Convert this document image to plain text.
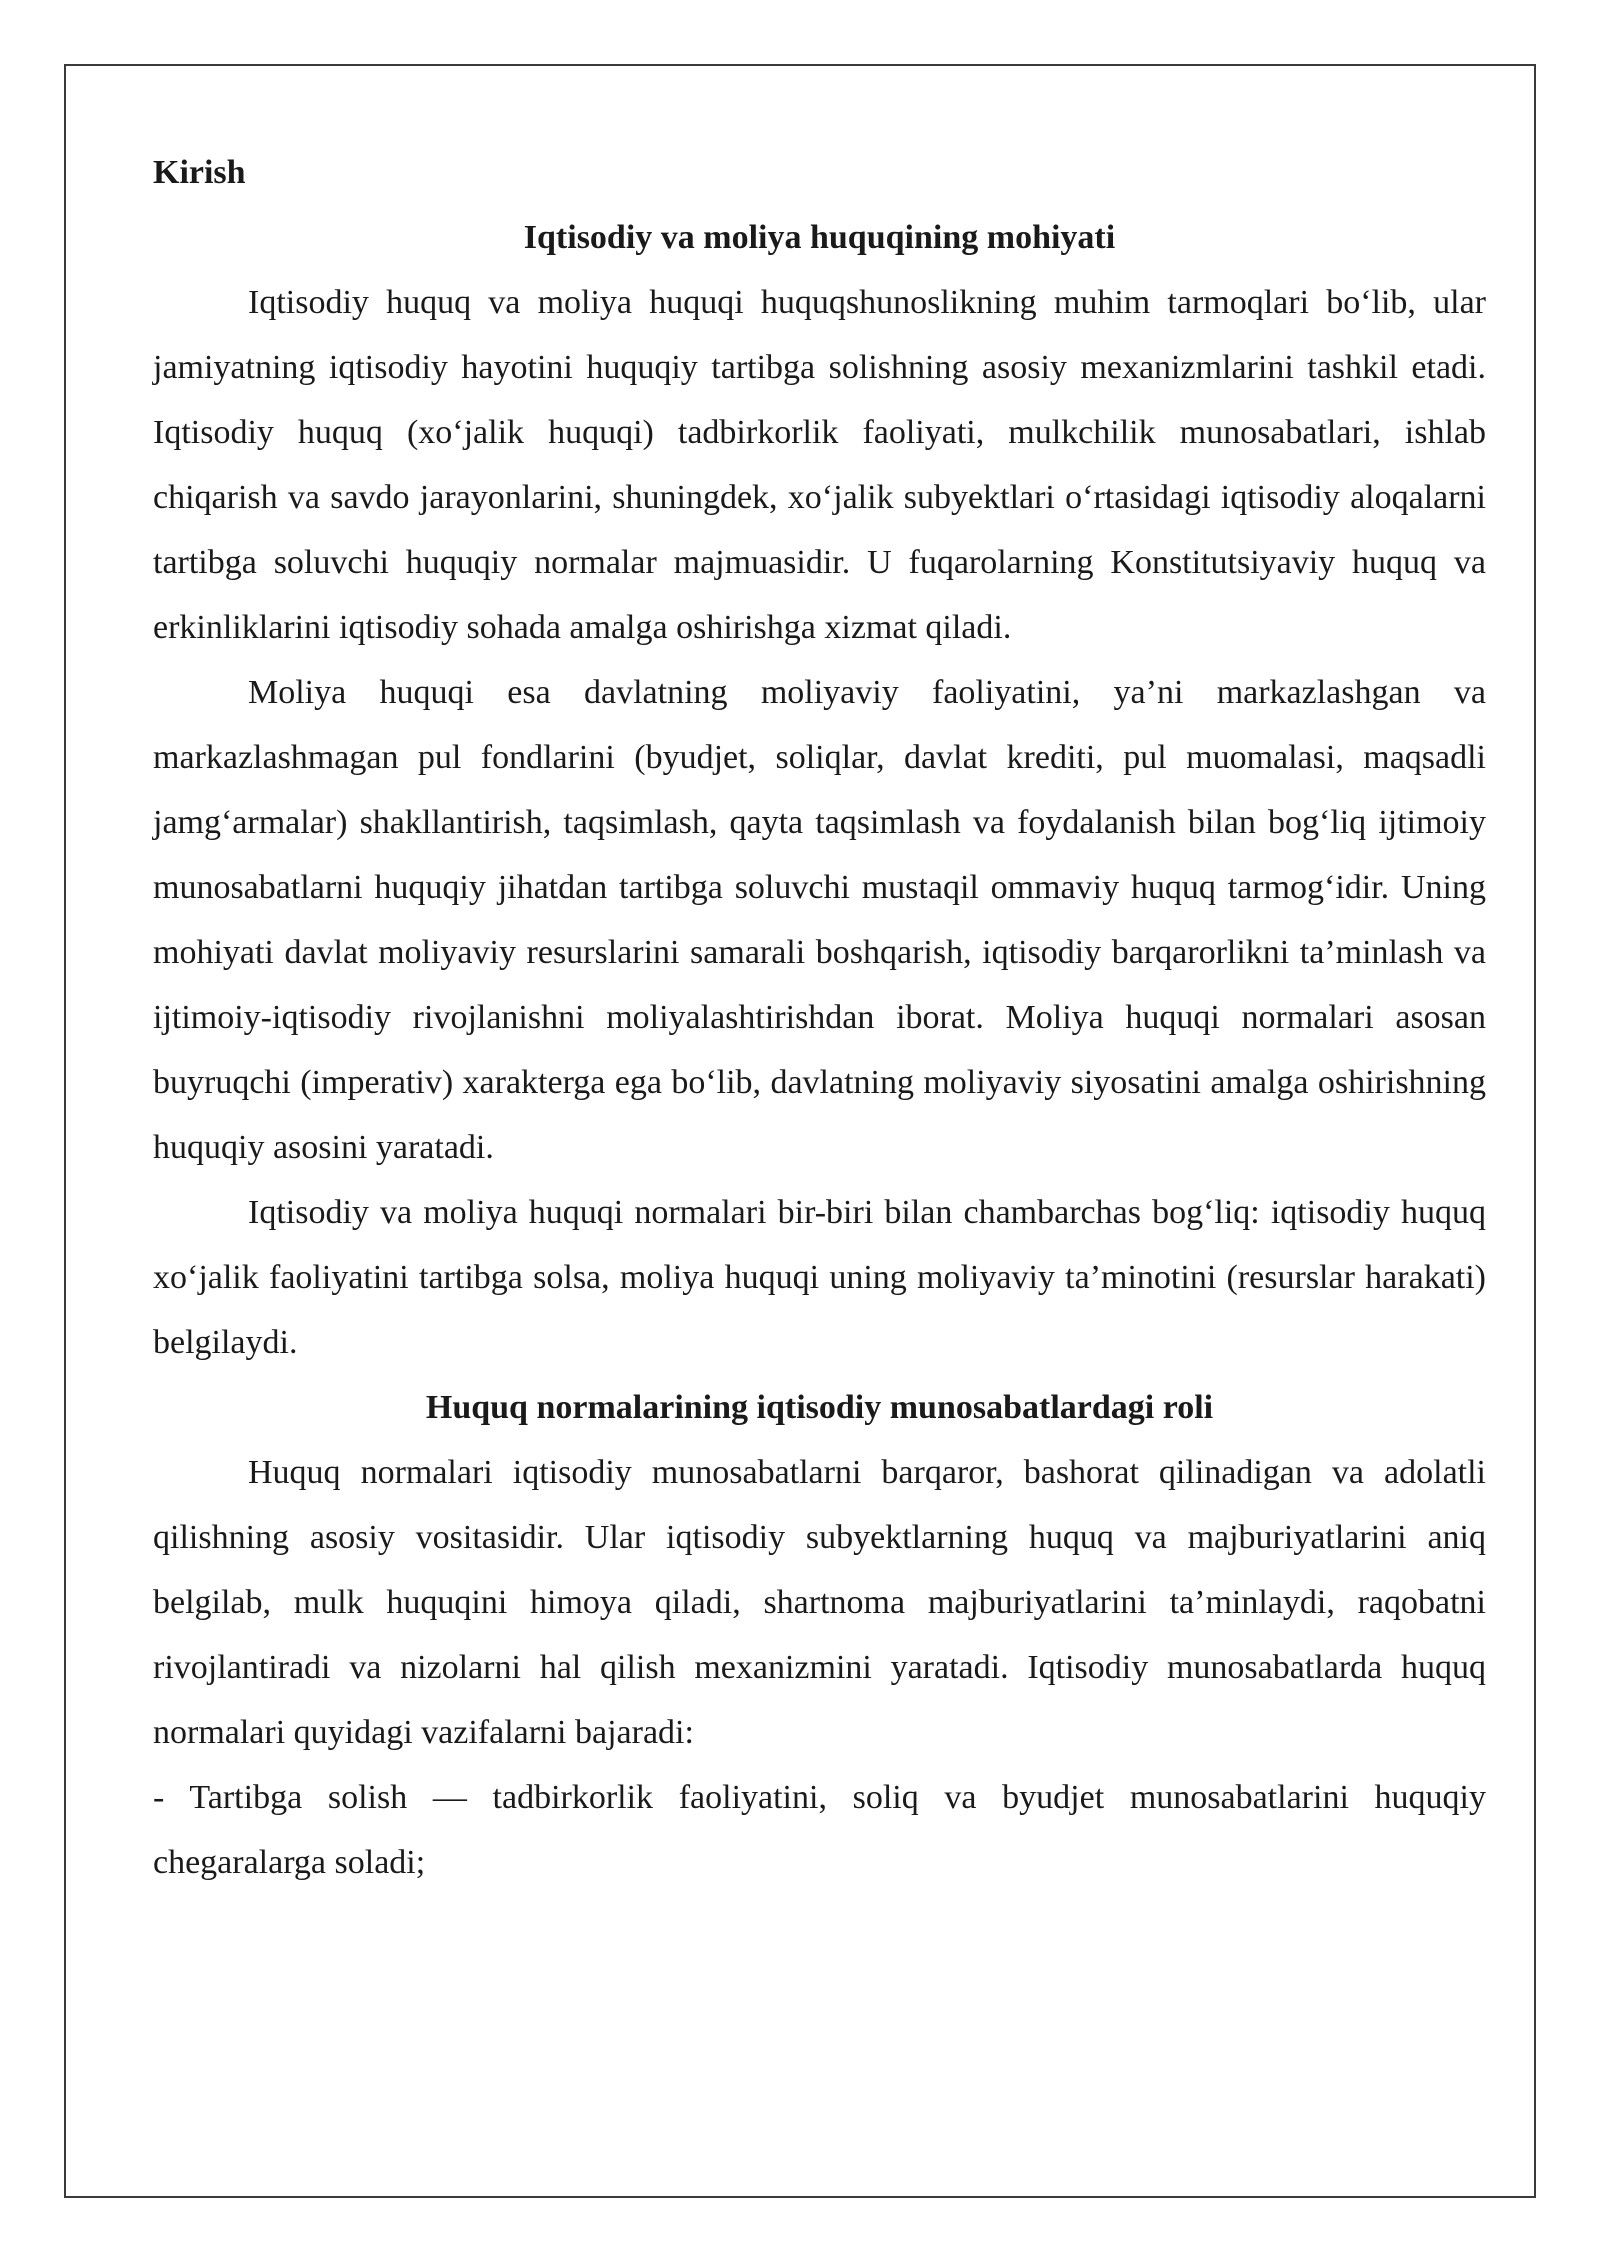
Kirish

Iqtisodiy va moliya huquqining mohiyati

Iqtisodiy huquq va moliya huquqi huquqshunoslikning muhim tarmoqlari bo‘lib, ular jamiyatning iqtisodiy hayotini huquqiy tartibga solishning asosiy mexanizmlarini tashkil etadi. Iqtisodiy huquq (xo‘jalik huquqi) tadbirkorlik faoliyati, mulkchilik munosabatlari, ishlab chiqarish va savdo jarayonlarini, shuningdek, xo‘jalik subyektlari o‘rtasidagi iqtisodiy aloqalarni tartibga soluvchi huquqiy normalar majmuasidir. U fuqarolarning Konstitutsiyaviy huquq va erkinliklarini iqtisodiy sohada amalga oshirishga xizmat qiladi.

Moliya huquqi esa davlatning moliyaviy faoliyatini, ya’ni markazlashgan va markazlashmagan pul fondlarini (byudjet, soliqlar, davlat krediti, pul muomalasi, maqsadli jamg‘armalar) shakllantirish, taqsimlash, qayta taqsimlash va foydalanish bilan bog‘liq ijtimoiy munosabatlarni huquqiy jihatdan tartibga soluvchi mustaqil ommaviy huquq tarmog‘idir. Uning mohiyati davlat moliyaviy resurslarini samarali boshqarish, iqtisodiy barqarorlikni ta’minlash va ijtimoiy-iqtisodiy rivojlanishni moliyalashtirishdan iborat. Moliya huquqi normalari asosan buyruqchi (imperativ) xarakterga ega bo‘lib, davlatning moliyaviy siyosatini amalga oshirishning huquqiy asosini yaratadi.

Iqtisodiy va moliya huquqi normalari bir-biri bilan chambarchas bog‘liq: iqtisodiy huquq xo‘jalik faoliyatini tartibga solsa, moliya huquqi uning moliyaviy ta’minotini (resurslar harakati) belgilaydi.

Huquq normalarining iqtisodiy munosabatlardagi roli

Huquq normalari iqtisodiy munosabatlarni barqaror, bashorat qilinadigan va adolatli qilishning asosiy vositasidir. Ular iqtisodiy subyektlarning huquq va majburiyatlarini aniq belgilab, mulk huquqini himoya qiladi, shartnoma majburiyatlarini ta’minlaydi, raqobatni rivojlantiradi va nizolarni hal qilish mexanizmini yaratadi. Iqtisodiy munosabatlarda huquq normalari quyidagi vazifalarni bajaradi:

- Tartibga solish — tadbirkorlik faoliyatini, soliq va byudjet munosabatlarini huquqiy chegaralarga soladi;
